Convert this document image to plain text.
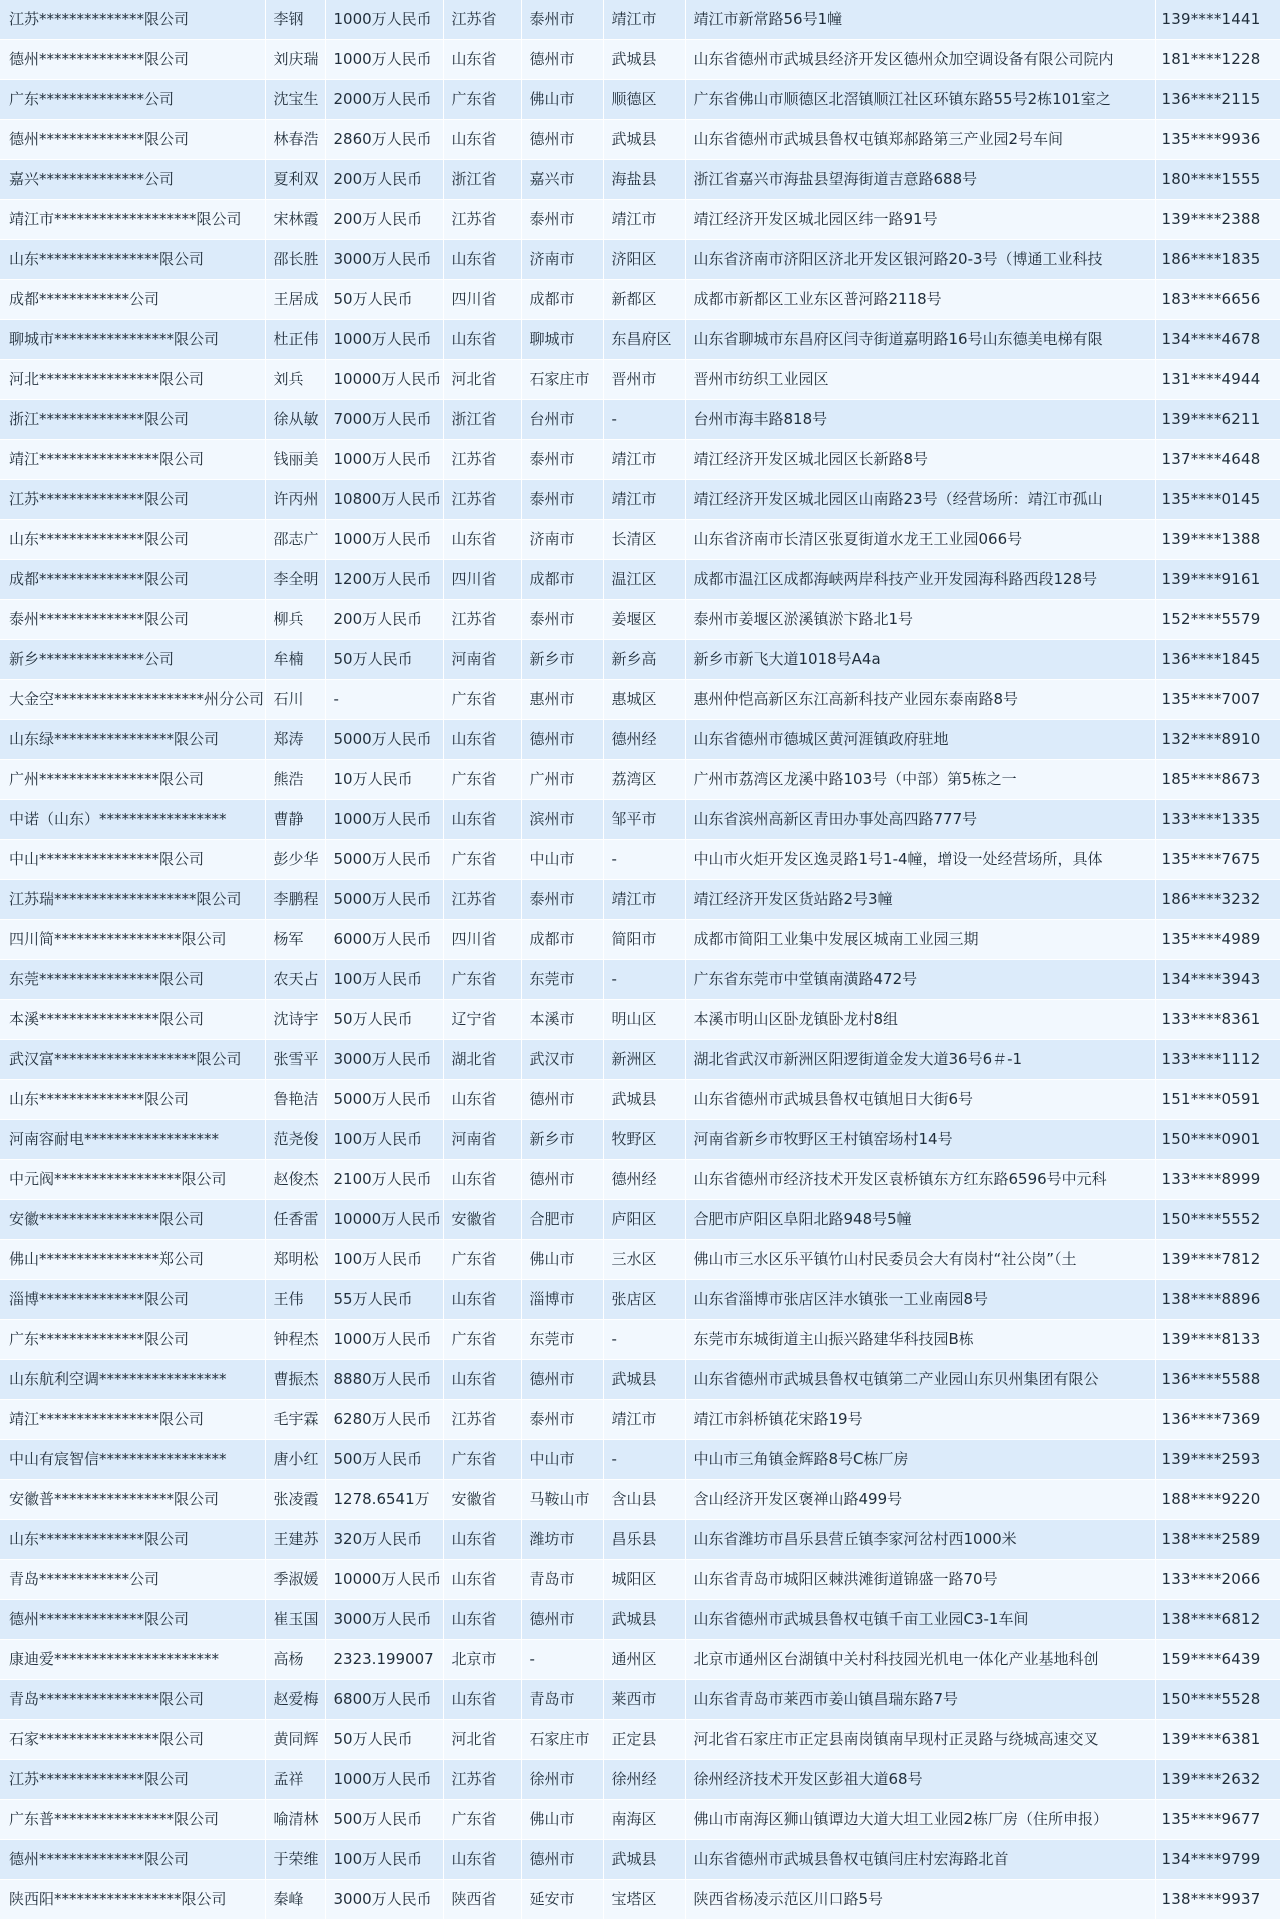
江苏**************限公司	李钢	1000万人民币	江苏省	泰州市	靖江市	靖江市新常路56号1幢	139****1441
德州**************限公司	刘庆瑞	1000万人民币	山东省	德州市	武城县	山东省德州市武城县经济开发区德州众加空调设备有限公司院内	181****1228
广东**************公司	沈宝生	2000万人民币	广东省	佛山市	顺德区	广东省佛山市顺德区北滘镇顺江社区环镇东路55号2栋101室之	136****2115
德州**************限公司	林春浩	2860万人民币	山东省	德州市	武城县	山东省德州市武城县鲁权屯镇郑郝路第三产业园2号车间	135****9936
嘉兴**************公司	夏利双	200万人民币	浙江省	嘉兴市	海盐县	浙江省嘉兴市海盐县望海街道吉意路688号	180****1555
靖江市*******************限公司	宋林霞	200万人民币	江苏省	泰州市	靖江市	靖江经济开发区城北园区纬一路91号	139****2388
山东****************限公司	邵长胜	3000万人民币	山东省	济南市	济阳区	山东省济南市济阳区济北开发区银河路20-3号（博通工业科技	186****1835
成都************公司	王居成	50万人民币	四川省	成都市	新都区	成都市新都区工业东区普河路2118号	183****6656
聊城市****************限公司	杜正伟	1000万人民币	山东省	聊城市	东昌府区	山东省聊城市东昌府区闫寺街道嘉明路16号山东德美电梯有限	134****4678
河北****************限公司	刘兵	10000万人民币	河北省	石家庄市	晋州市	晋州市纺织工业园区	131****4944
浙江**************限公司	徐从敏	7000万人民币	浙江省	台州市	-	台州市海丰路818号	139****6211
靖江****************限公司	钱丽美	1000万人民币	江苏省	泰州市	靖江市	靖江经济开发区城北园区长新路8号	137****4648
江苏**************限公司	许丙州	10800万人民币	江苏省	泰州市	靖江市	靖江经济开发区城北园区山南路23号（经营场所：靖江市孤山	135****0145
山东**************限公司	邵志广	1000万人民币	山东省	济南市	长清区	山东省济南市长清区张夏街道水龙王工业园066号	139****1388
成都**************限公司	李全明	1200万人民币	四川省	成都市	温江区	成都市温江区成都海峡两岸科技产业开发园海科路西段128号	139****9161
泰州**************限公司	柳兵	200万人民币	江苏省	泰州市	姜堰区	泰州市姜堰区淤溪镇淤卞路北1号	152****5579
新乡**************公司	牟楠	50万人民币	河南省	新乡市	新乡高	新乡市新飞大道1018号A4a	136****1845
大金空********************州分公司	石川	-	广东省	惠州市	惠城区	惠州仲恺高新区东江高新科技产业园东泰南路8号	135****7007
山东绿****************限公司	郑涛	5000万人民币	山东省	德州市	德州经	山东省德州市德城区黄河涯镇政府驻地	132****8910
广州****************限公司	熊浩	10万人民币	广东省	广州市	荔湾区	广州市荔湾区龙溪中路103号（中部）第5栋之一	185****8673
中诺（山东）*****************	曹静	1000万人民币	山东省	滨州市	邹平市	山东省滨州高新区青田办事处高四路777号	133****1335
中山****************限公司	彭少华	5000万人民币	广东省	中山市	-	中山市火炬开发区逸灵路1号1-4幢，增设一处经营场所，具体	135****7675
江苏瑞*******************限公司	李鹏程	5000万人民币	江苏省	泰州市	靖江市	靖江经济开发区货站路2号3幢	186****3232
四川简*****************限公司	杨军	6000万人民币	四川省	成都市	简阳市	成都市简阳工业集中发展区城南工业园三期	135****4989
东莞****************限公司	农天占	100万人民币	广东省	东莞市	-	广东省东莞市中堂镇南潢路472号	134****3943
本溪****************限公司	沈诗宇	50万人民币	辽宁省	本溪市	明山区	本溪市明山区卧龙镇卧龙村8组	133****8361
武汉富*******************限公司	张雪平	3000万人民币	湖北省	武汉市	新洲区	湖北省武汉市新洲区阳逻街道金发大道36号6＃-1	133****1112
山东**************限公司	鲁艳洁	5000万人民币	山东省	德州市	武城县	山东省德州市武城县鲁权屯镇旭日大街6号	151****0591
河南容耐电******************	范尧俊	100万人民币	河南省	新乡市	牧野区	河南省新乡市牧野区王村镇窑场村14号	150****0901
中元阀*****************限公司	赵俊杰	2100万人民币	山东省	德州市	德州经	山东省德州市经济技术开发区袁桥镇东方红东路6596号中元科	133****8999
安徽****************限公司	任香雷	10000万人民币	安徽省	合肥市	庐阳区	合肥市庐阳区阜阳北路948号5幢	150****5552
佛山****************郑公司	郑明松	100万人民币	广东省	佛山市	三水区	佛山市三水区乐平镇竹山村民委员会大有岗村“社公岗”（土	139****7812
淄博**************限公司	王伟	55万人民币	山东省	淄博市	张店区	山东省淄博市张店区沣水镇张一工业南园8号	138****8896
广东**************限公司	钟程杰	1000万人民币	广东省	东莞市	-	东莞市东城街道主山振兴路建华科技园B栋	139****8133
山东航利空调*****************	曹振杰	8880万人民币	山东省	德州市	武城县	山东省德州市武城县鲁权屯镇第二产业园山东贝州集团有限公	136****5588
靖江****************限公司	毛宇霖	6280万人民币	江苏省	泰州市	靖江市	靖江市斜桥镇花宋路19号	136****7369
中山有宸智信*****************	唐小红	500万人民币	广东省	中山市	-	中山市三角镇金辉路8号C栋厂房	139****2593
安徽普****************限公司	张凌霞	1278.6541万	安徽省	马鞍山市	含山县	含山经济开发区褒禅山路499号	188****9220
山东**************限公司	王建苏	320万人民币	山东省	潍坊市	昌乐县	山东省潍坊市昌乐县营丘镇李家河岔村西1000米	138****2589
青岛************公司	季淑媛	10000万人民币	山东省	青岛市	城阳区	山东省青岛市城阳区棘洪滩街道锦盛一路70号	133****2066
德州**************限公司	崔玉国	3000万人民币	山东省	德州市	武城县	山东省德州市武城县鲁权屯镇千亩工业园C3-1车间	138****6812
康迪爱**********************	高杨	2323.199007	北京市	-	通州区	北京市通州区台湖镇中关村科技园光机电一体化产业基地科创	159****6439
青岛****************限公司	赵爱梅	6800万人民币	山东省	青岛市	莱西市	山东省青岛市莱西市姜山镇昌瑞东路7号	150****5528
石家****************限公司	黄同辉	50万人民币	河北省	石家庄市	正定县	河北省石家庄市正定县南岗镇南早现村正灵路与绕城高速交叉	139****6381
江苏**************限公司	孟祥	1000万人民币	江苏省	徐州市	徐州经	徐州经济技术开发区彭祖大道68号	139****2632
广东普****************限公司	喻清林	500万人民币	广东省	佛山市	南海区	佛山市南海区狮山镇谭边大道大坦工业园2栋厂房（住所申报）	135****9677
德州**************限公司	于荣维	100万人民币	山东省	德州市	武城县	山东省德州市武城县鲁权屯镇闫庄村宏海路北首	134****9799
陕西阳*****************限公司	秦峰	3000万人民币	陕西省	延安市	宝塔区	陕西省杨凌示范区川口路5号	138****9937
